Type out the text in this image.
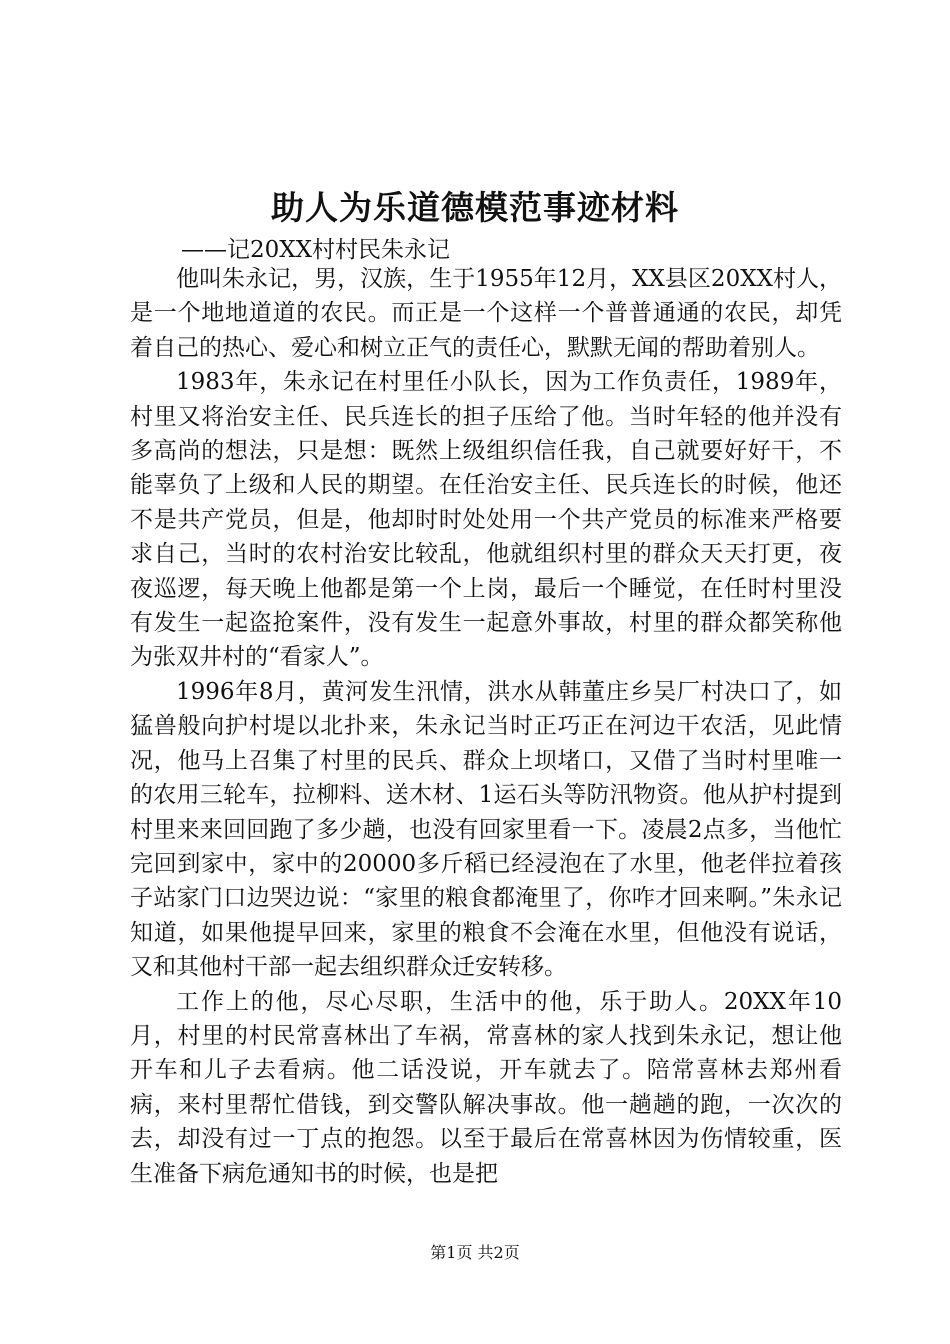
助人为乐道德模范事迹材料
——记20XX村村民朱永记

他叫朱永记，男，汉族，生于1955年12月，XX县区20XX村人，是一个地地道道的农民。而正是一个这样一个普普通通的农民，却凭着自己的热心、爱心和树立正气的责任心，默默无闻的帮助着别人。

1983年，朱永记在村里任小队长，因为工作负责任，1989年，村里又将治安主任、民兵连长的担子压给了他。当时年轻的他并没有多高尚的想法，只是想：既然上级组织信任我，自己就要好好干，不能辜负了上级和人民的期望。在任治安主任、民兵连长的时候，他还不是共产党员，但是，他却时时处处用一个共产党员的标准来严格要求自己，当时的农村治安比较乱，他就组织村里的群众天天打更，夜夜巡逻，每天晚上他都是第一个上岗，最后一个睡觉，在任时村里没有发生一起盗抢案件，没有发生一起意外事故，村里的群众都笑称他为张双井村的“看家人”。

1996年8月，黄河发生汛情，洪水从韩董庄乡吴厂村决口了，如猛兽般向护村堤以北扑来，朱永记当时正巧正在河边干农活，见此情况，他马上召集了村里的民兵、群众上坝堵口，又借了当时村里唯一的农用三轮车，拉柳料、送木材、1运石头等防汛物资。他从护村提到村里来来回回跑了多少趟，也没有回家里看一下。凌晨2点多，当他忙完回到家中，家中的20000多斤稻已经浸泡在了水里，他老伴拉着孩子站家门口边哭边说：“家里的粮食都淹里了，你咋才回来啊。”朱永记知道，如果他提早回来，家里的粮食不会淹在水里，但他没有说话，又和其他村干部一起去组织群众迁安转移。

工作上的他，尽心尽职，生活中的他，乐于助人。20XX年10月，村里的村民常喜林出了车祸，常喜林的家人找到朱永记，想让他开车和儿子去看病。他二话没说，开车就去了。陪常喜林去郑州看病，来村里帮忙借钱，到交警队解决事故。他一趟趟的跑，一次次的去，却没有过一丁点的抱怨。以至于最后在常喜林因为伤情较重，医生准备下病危通知书的时候，也是把

第1页 共2页
